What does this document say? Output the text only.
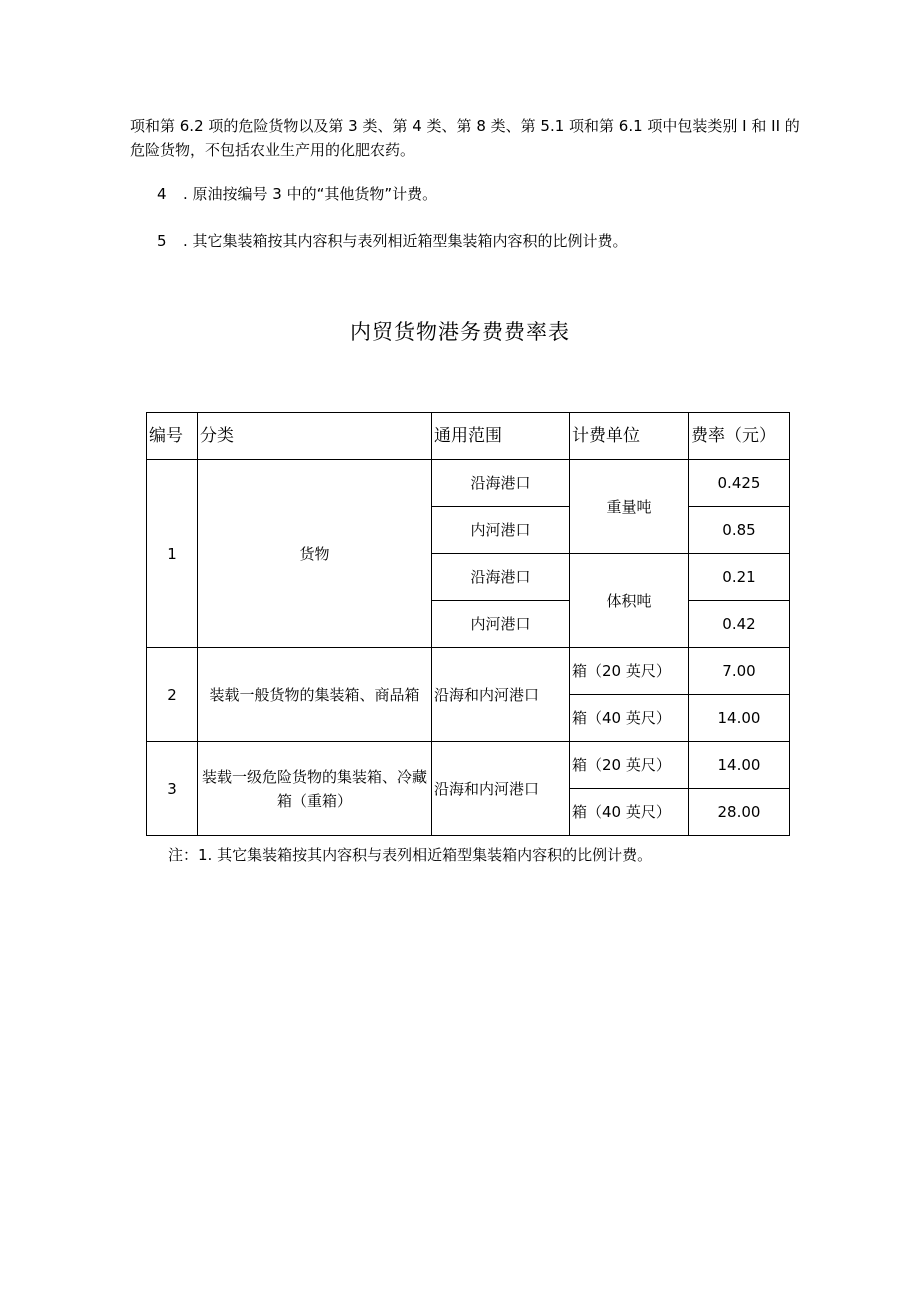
项和第 6.2 项的危险货物以及第 3 类、第 4 类、第 8 类、第 5.1 项和第 6.1 项中包装类别 I 和 ΙΙ 的危险货物，不包括农业生产用的化肥农药。

4 . 原油按编号 3 中的“其他货物”计费。
5 . 其它集装箱按其内容积与表列相近箱型集装箱内容积的比例计费。
内贸货物港务费费率表
编号	分类	通用范围	计费单位	费率（元）
1	货物	沿海港口	重量吨	0.425
		内河港口		0.85
		沿海港口	体积吨	0.21
		内河港口		0.42
2	装载一般货物的集装箱、商品箱	沿海和内河港口	箱（20 英尺）	7.00
			箱（40 英尺）	14.00
3	装载一级危险货物的集装箱、冷藏箱（重箱）	沿海和内河港口	箱（20 英尺）	14.00
			箱（40 英尺）	28.00
注：1. 其它集装箱按其内容积与表列相近箱型集装箱内容积的比例计费。
